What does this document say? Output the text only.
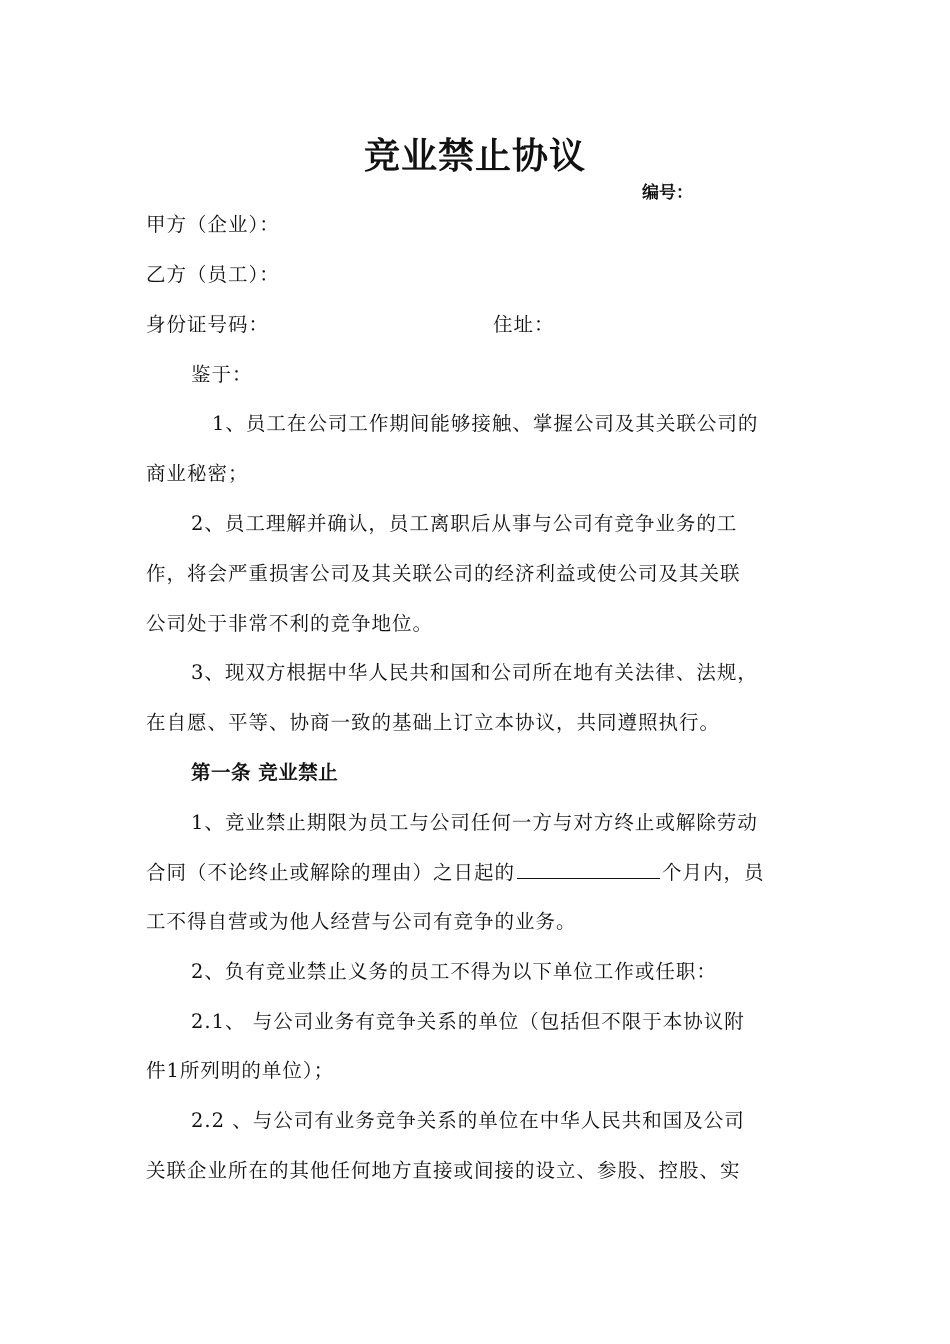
竞业禁止协议
编号：

甲方（企业）：

乙方（员工）：

身份证号码：	住址：

鉴于：

1、员工在公司工作期间能够接触、掌握公司及其关联公司的

商业秘密；

2、员工理解并确认，员工离职后从事与公司有竞争业务的工

作，将会严重损害公司及其关联公司的经济利益或使公司及其关联

公司处于非常不利的竞争地位。

3、现双方根据中华人民共和国和公司所在地有关法律、法规，

在自愿、平等、协商一致的基础上订立本协议，共同遵照执行。

第一条 竞业禁止

1、竞业禁止期限为员工与公司任何一方与对方终止或解除劳动

合同（不论终止或解除的理由）之日起的	个月内，员

工不得自营或为他人经营与公司有竞争的业务。

2、负有竞业禁止义务的员工不得为以下单位工作或任职：

2.1、 与公司业务有竞争关系的单位（包括但不限于本协议附

件1所列明的单位）；

2.2 、与公司有业务竞争关系的单位在中华人民共和国及公司

关联企业所在的其他任何地方直接或间接的设立、参股、控股、实
